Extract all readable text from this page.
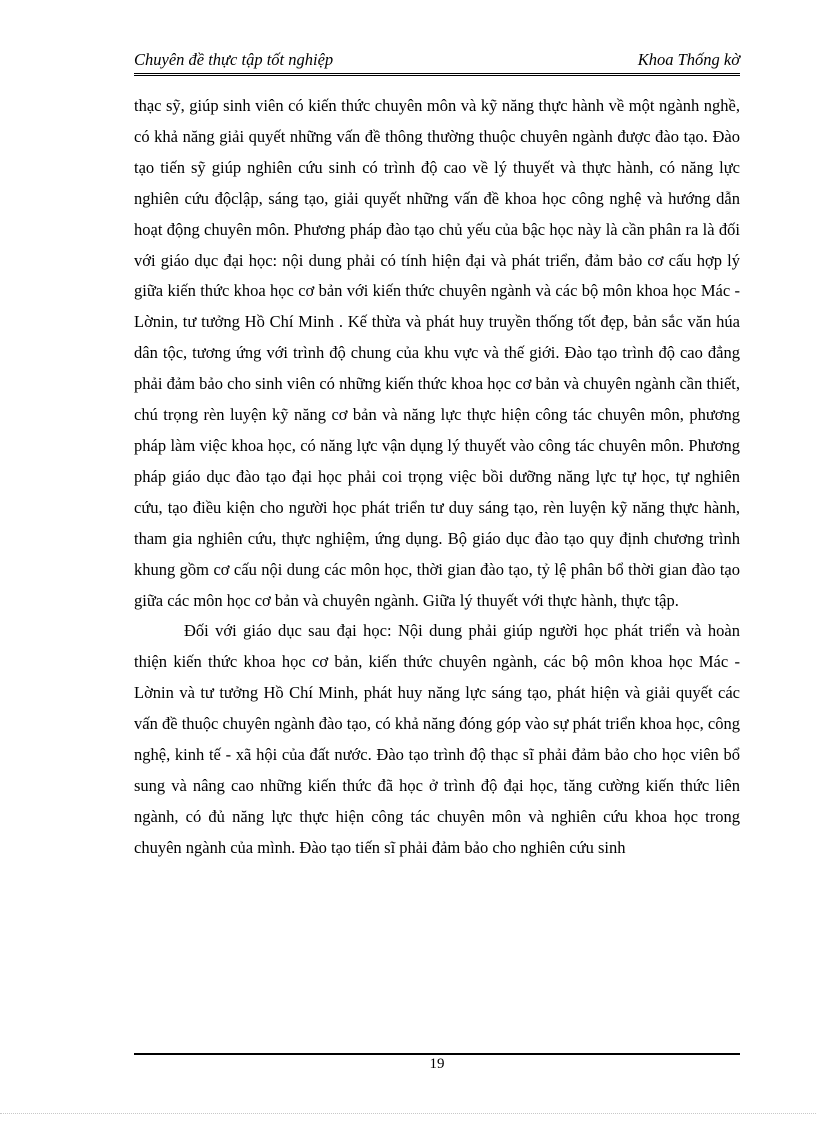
Chuyên đề thực tập tốt nghiệp	Khoa Thống kờ

thạc sỹ, giúp sinh viên có kiến thức chuyên môn và kỹ năng thực hành về một ngành nghề, có khả năng giải quyết những vấn đề thông thường thuộc chuyên ngành được đào tạo. Đào tạo tiến sỹ giúp nghiên cứu sinh có trình độ cao về lý thuyết và thực hành, có năng lực nghiên cứu độclập, sáng tạo, giải quyết những vấn đề khoa học công nghệ và hướng dẫn hoạt động chuyên môn. Phương pháp đào tạo chủ yếu của bậc học này là cần phân ra là đối với giáo dục đại học: nội dung phải có tính hiện đại và phát triển, đảm bảo cơ cấu hợp lý giữa kiến thức khoa học cơ bản với kiến thức chuyên ngành và các bộ môn khoa học Mác - Lờnin, tư tưởng Hồ Chí Minh . Kế thừa và phát huy truyền thống tốt đẹp, bản sắc văn húa dân tộc, tương ứng với trình độ chung của khu vực và thế giới. Đào tạo trình độ cao đẳng phải đảm bảo cho sinh viên có những kiến thức khoa học cơ bản và chuyên ngành cần thiết, chú trọng rèn luyện kỹ năng cơ bản và năng lực thực hiện công tác chuyên môn, phương pháp làm việc khoa học, có năng lực vận dụng lý thuyết vào công tác chuyên môn. Phương pháp giáo dục đào tạo đại học phải coi trọng việc bồi dưỡng năng lực tự học, tự nghiên cứu, tạo điều kiện cho người học phát triển tư duy sáng tạo, rèn luyện kỹ năng thực hành, tham gia nghiên cứu, thực nghiệm, ứng dụng. Bộ giáo dục đào tạo quy định chương trình khung gồm cơ cấu nội dung các môn học, thời gian đào tạo, tỷ lệ phân bổ thời gian đào tạo giữa các môn học cơ bản và chuyên ngành. Giữa lý thuyết với thực hành, thực tập.

Đối với giáo dục sau đại học: Nội dung phải giúp người học phát triển và hoàn thiện kiến thức khoa học cơ bản, kiến thức chuyên ngành, các bộ môn khoa học Mác - Lờnin và tư tưởng Hồ Chí Minh, phát huy năng lực sáng tạo, phát hiện và giải quyết các vấn đề thuộc chuyên ngành đào tạo, có khả năng đóng góp vào sự phát triển khoa học, công nghệ, kinh tế - xã hội của đất nước. Đào tạo trình độ thạc sĩ phải đảm bảo cho học viên bổ sung và nâng cao những kiến thức đã học ở trình độ đại học, tăng cường kiến thức liên ngành, có đủ năng lực thực hiện công tác chuyên môn và nghiên cứu khoa học trong chuyên ngành của mình. Đào tạo tiến sĩ phải đảm bảo cho nghiên cứu sinh

19
